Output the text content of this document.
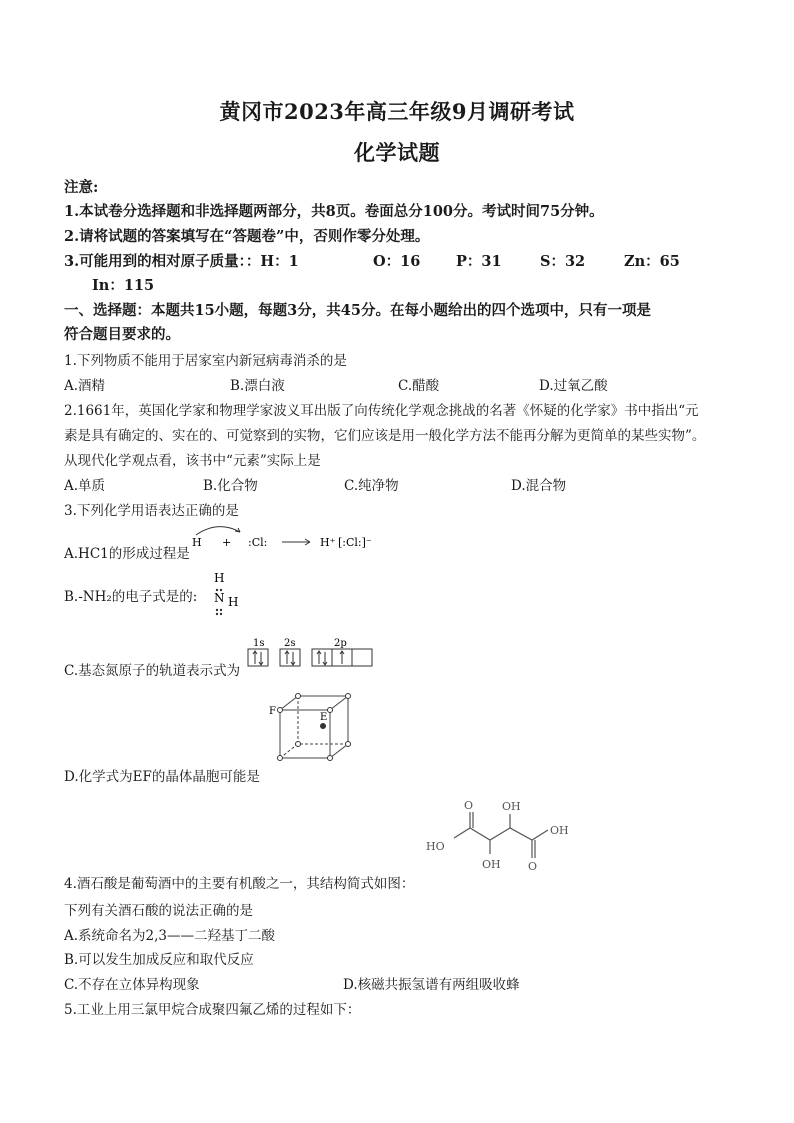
黄冈市2023年高三年级9月调研考试
化学试题
注意:
1.本试卷分选择题和非选择题两部分，共8页。卷面总分100分。考试时间75分钟。
2.请将试题的答案填写在“答题卷”中，否则作零分处理。
3.可能用到的相对原子质量：：H：1	O：16 P：31	S：32	Zn：65
In：115
一、选择题：本题共15小题，每题3分，共45分。在每小题给出的四个选项中，只有一项是
符合题目要求的。
1.下列物质不能用于居家室内新冠病毒消杀的是
A.酒精	B.漂白液	C.醋酸	D.过氧乙酸
2.1661年，英国化学家和物理学家波义耳出版了向传统化学观念挑战的名著《怀疑的化学家》书中指出“元
素是具有确定的、实在的、可觉察到的实物，它们应该是用一般化学方法不能再分解为更简单的某些实物”。
从现代化学观点看，该书中“元素”实际上是
A.单质	B.化合物	C.纯净物	D.混合物
3.下列化学用语表达正确的是
A.HC1的形成过程是
H + :Cl:	H⁺ [:Cl:]⁻
B.-NH₂的电子式是的:
H
N H
C.基态氮原子的轨道表示式为
1s 2s	2p
F
E
D.化学式为EF的晶体晶胞可能是
O	OH
OH
HO
OH O
4.酒石酸是葡萄酒中的主要有机酸之一，其结构简式如图：
下列有关酒石酸的说法正确的是
A.系统命名为2,3——二羟基丁二酸
B.可以发生加成反应和取代反应
C.不存在立体异构现象	D.核磁共振氢谱有两组吸收蜂
5.工业上用三氯甲烷合成聚四氟乙烯的过程如下：
